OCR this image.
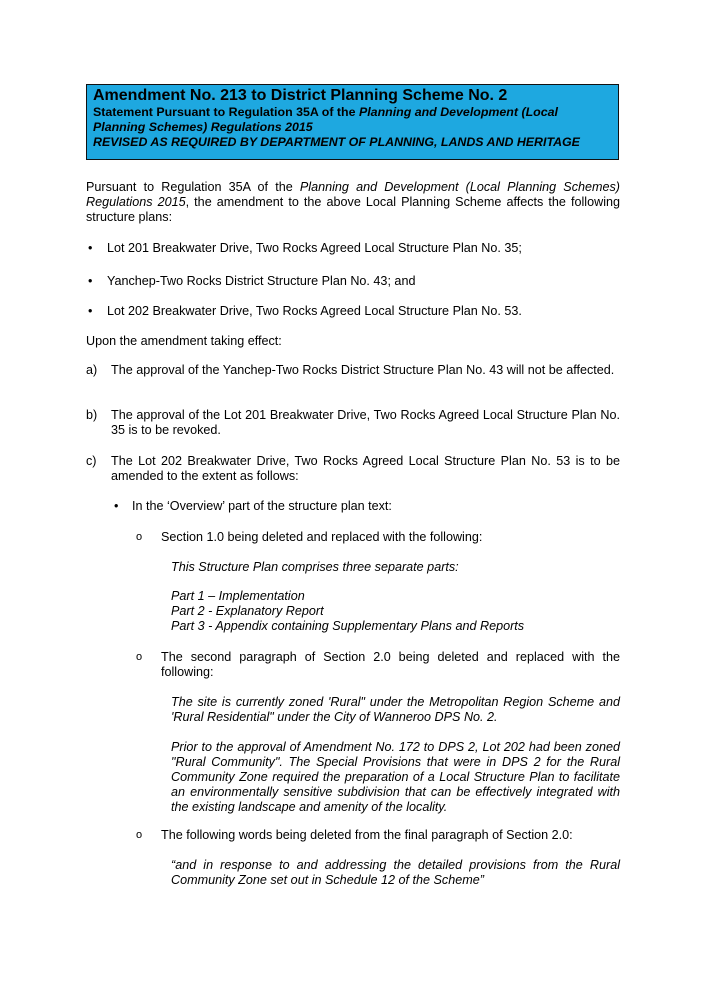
Amendment No. 213 to District Planning Scheme No. 2

Statement Pursuant to Regulation 35A of the Planning and Development (Local

Planning Schemes) Regulations 2015

REVISED AS REQUIRED BY DEPARTMENT OF PLANNING, LANDS AND HERITAGE

Pursuant to Regulation 35A of the Planning and Development (Local Planning Schemes)
Regulations 2015, the amendment to the above Local Planning Scheme affects the following
structure plans:
• Lot 201 Breakwater Drive, Two Rocks Agreed Local Structure Plan No. 35;
• Yanchep-Two Rocks District Structure Plan No. 43; and
• Lot 202 Breakwater Drive, Two Rocks Agreed Local Structure Plan No. 53.

Upon the amendment taking effect:

a) The approval of the Yanchep-Two Rocks District Structure Plan No. 43 will not be affected.
b) The approval of the Lot 201 Breakwater Drive, Two Rocks Agreed Local Structure Plan No. 35 is to be revoked.
c) The Lot 202 Breakwater Drive, Two Rocks Agreed Local Structure Plan No. 53 is to be amended to the extent as follows:
• In the ‘Overview’ part of the structure plan text:
o Section 1.0 being deleted and replaced with the following:

This Structure Plan comprises three separate parts:

Part 1 – Implementation
Part 2 - Explanatory Report
Part 3 - Appendix containing Supplementary Plans and Reports
o The second paragraph of Section 2.0 being deleted and replaced with the following:

The site is currently zoned 'Rural" under the Metropolitan Region Scheme and 'Rural Residential" under the City of Wanneroo DPS No. 2.

Prior to the approval of Amendment No. 172 to DPS 2, Lot 202 had been zoned "Rural Community". The Special Provisions that were in DPS 2 for the Rural Community Zone required the preparation of a Local Structure Plan to facilitate an environmentally sensitive subdivision that can be effectively integrated with the existing landscape and amenity of the locality.

o The following words being deleted from the final paragraph of Section 2.0:

“and in response to and addressing the detailed provisions from the Rural Community Zone set out in Schedule 12 of the Scheme”
